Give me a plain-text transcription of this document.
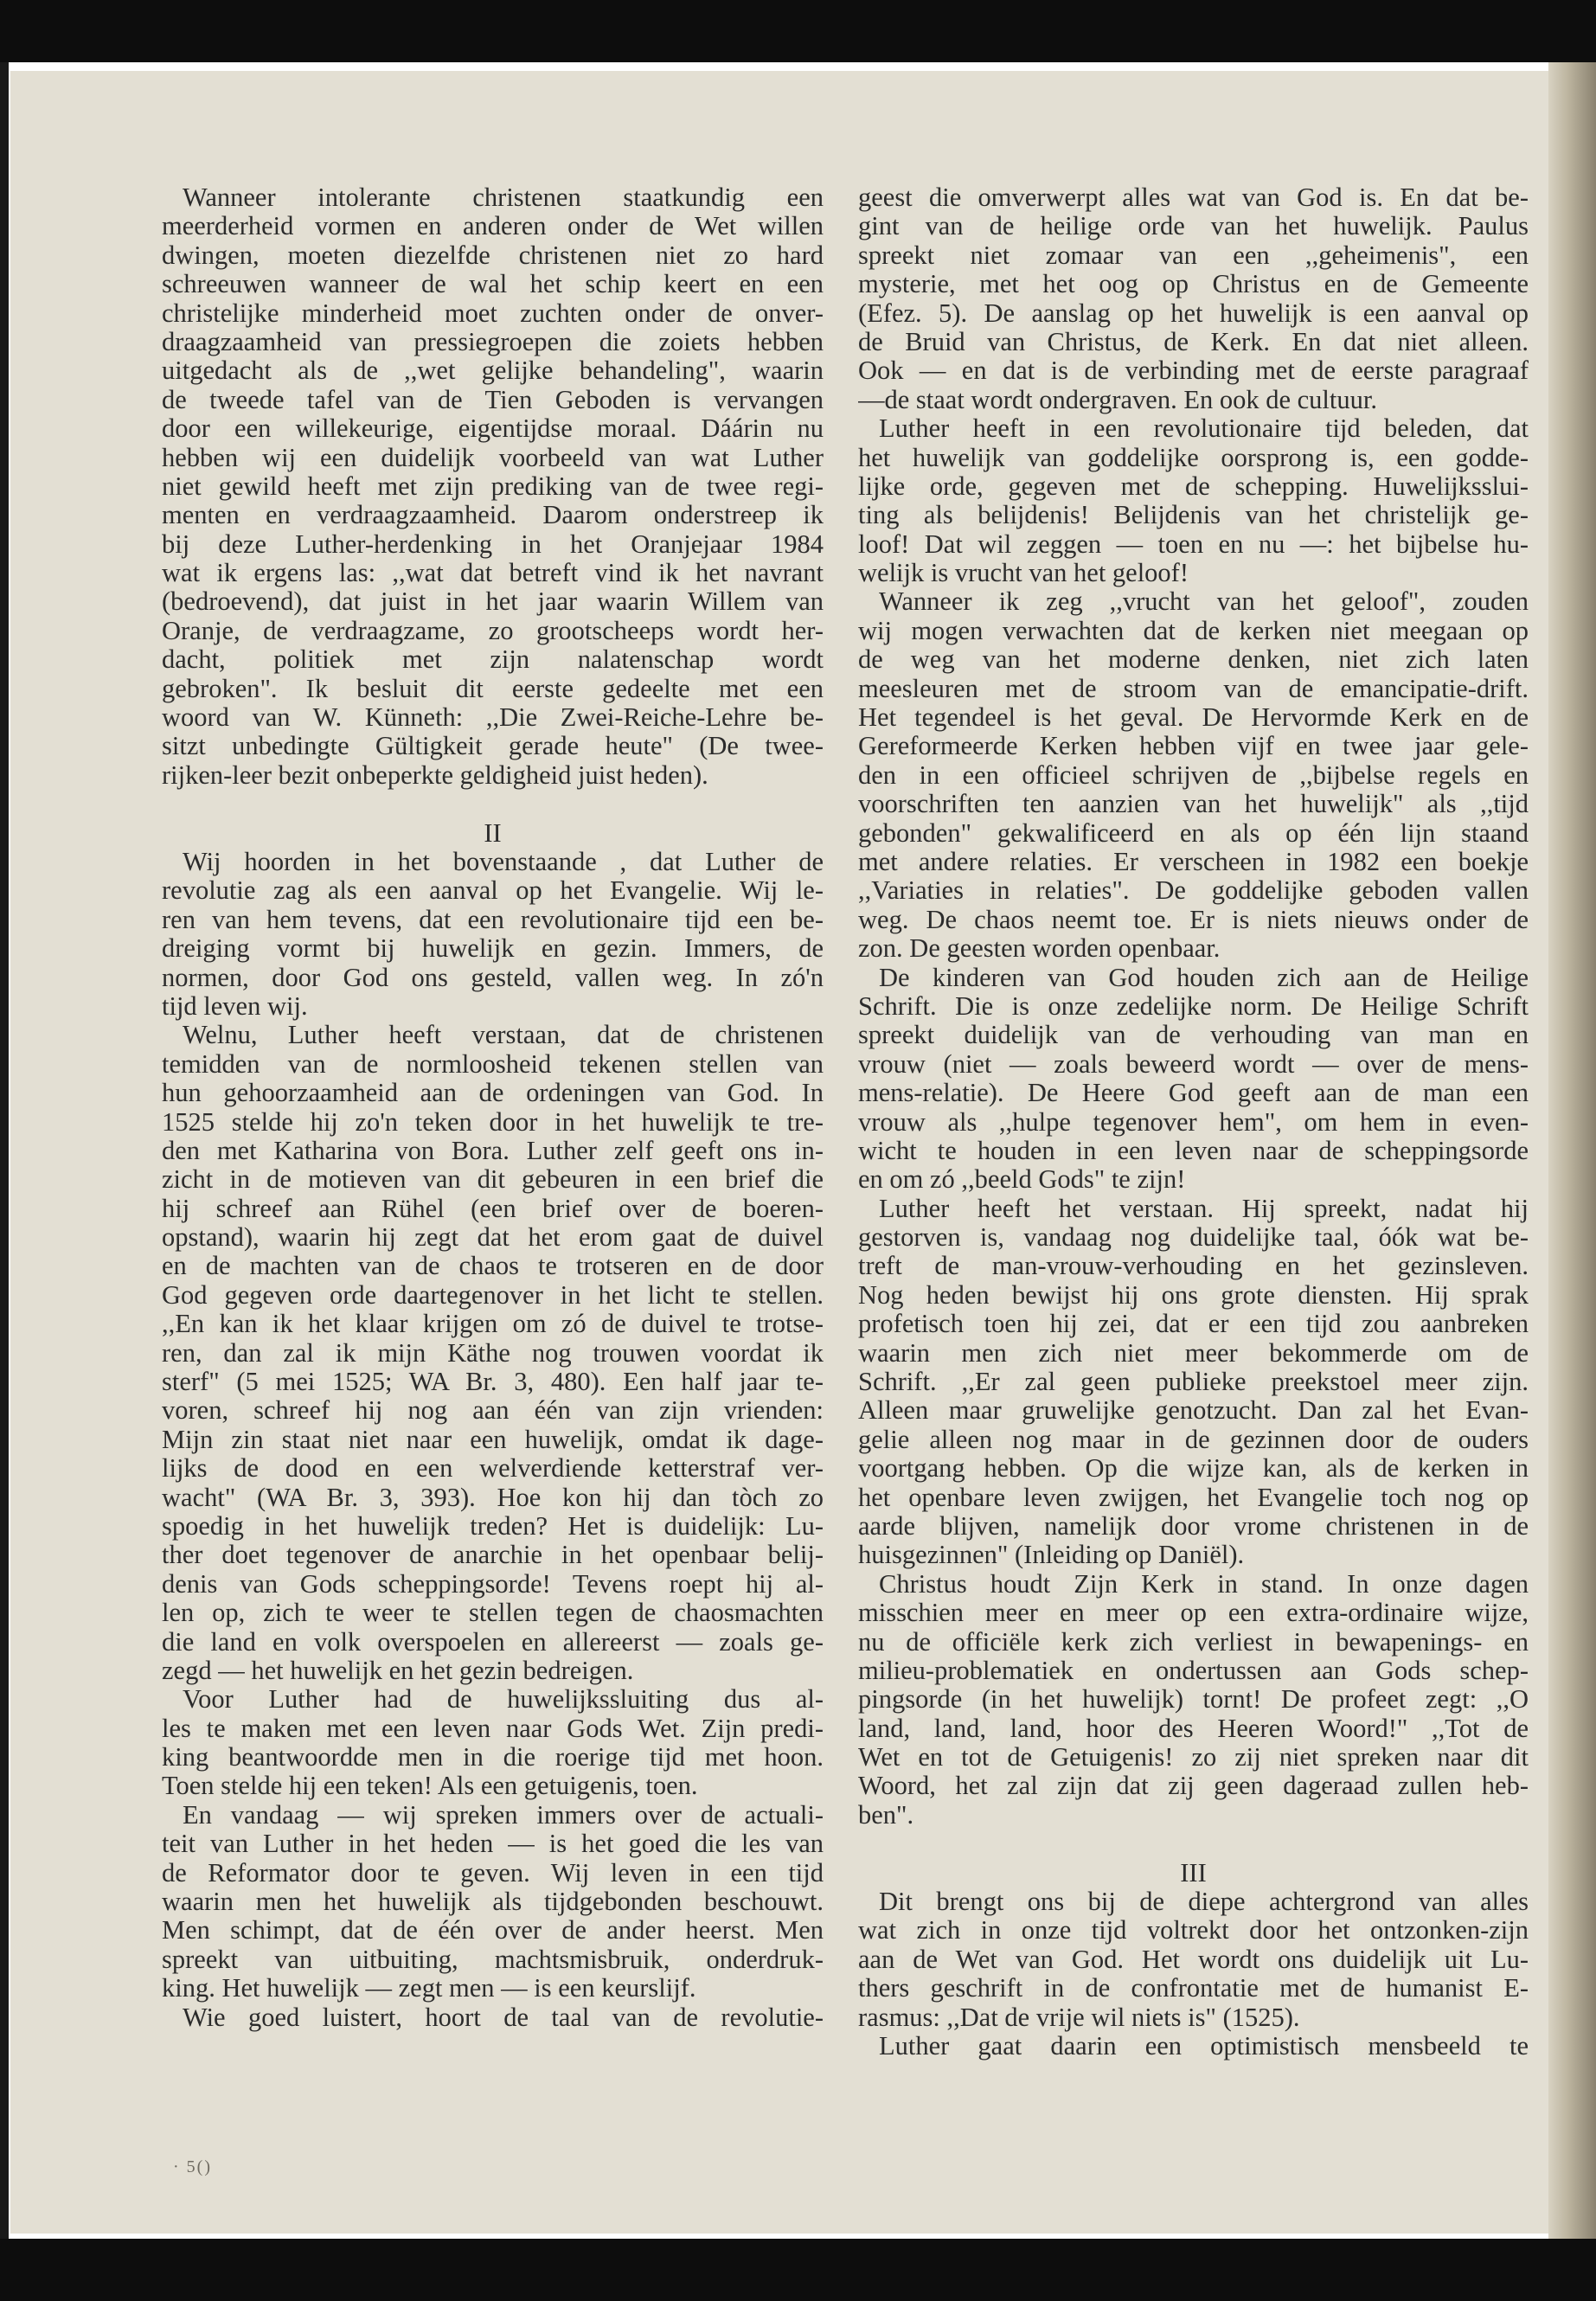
Wanneer intolerante christenen staatkundig een
meerderheid vormen en anderen onder de Wet willen
dwingen, moeten diezelfde christenen niet zo hard
schreeuwen wanneer de wal het schip keert en een
christelijke minderheid moet zuchten onder de onver-
draagzaamheid van pressiegroepen die zoiets hebben
uitgedacht als de ,,wet gelijke behandeling", waarin
de tweede tafel van de Tien Geboden is vervangen
door een willekeurige, eigentijdse moraal. Dáárin nu
hebben wij een duidelijk voorbeeld van wat Luther
niet gewild heeft met zijn prediking van de twee regi-
menten en verdraagzaamheid. Daarom onderstreep ik
bij deze Luther-herdenking in het Oranjejaar 1984
wat ik ergens las: ,,wat dat betreft vind ik het navrant
(bedroevend), dat juist in het jaar waarin Willem van
Oranje, de verdraagzame, zo grootscheeps wordt her-
dacht, politiek met zijn nalatenschap wordt
gebroken". Ik besluit dit eerste gedeelte met een
woord van W. Künneth: ,,Die Zwei-Reiche-Lehre be-
sitzt unbedingte Gültigkeit gerade heute" (De twee-
rijken-leer bezit onbeperkte geldigheid juist heden).
II
Wij hoorden in het bovenstaande , dat Luther de
revolutie zag als een aanval op het Evangelie. Wij le-
ren van hem tevens, dat een revolutionaire tijd een be-
dreiging vormt bij huwelijk en gezin. Immers, de
normen, door God ons gesteld, vallen weg. In zó'n
tijd leven wij.
Welnu, Luther heeft verstaan, dat de christenen
temidden van de normloosheid tekenen stellen van
hun gehoorzaamheid aan de ordeningen van God. In
1525 stelde hij zo'n teken door in het huwelijk te tre-
den met Katharina von Bora. Luther zelf geeft ons in-
zicht in de motieven van dit gebeuren in een brief die
hij schreef aan Rühel (een brief over de boeren-
opstand), waarin hij zegt dat het erom gaat de duivel
en de machten van de chaos te trotseren en de door
God gegeven orde daartegenover in het licht te stellen.
,,En kan ik het klaar krijgen om zó de duivel te trotse-
ren, dan zal ik mijn Käthe nog trouwen voordat ik
sterf" (5 mei 1525; WA Br. 3, 480). Een half jaar te-
voren, schreef hij nog aan één van zijn vrienden:
Mijn zin staat niet naar een huwelijk, omdat ik dage-
lijks de dood en een welverdiende ketterstraf ver-
wacht" (WA Br. 3, 393). Hoe kon hij dan tòch zo
spoedig in het huwelijk treden? Het is duidelijk: Lu-
ther doet tegenover de anarchie in het openbaar belij-
denis van Gods scheppingsorde! Tevens roept hij al-
len op, zich te weer te stellen tegen de chaosmachten
die land en volk overspoelen en allereerst — zoals ge-
zegd — het huwelijk en het gezin bedreigen.
Voor Luther had de huwelijkssluiting dus al-
les te maken met een leven naar Gods Wet. Zijn predi-
king beantwoordde men in die roerige tijd met hoon.
Toen stelde hij een teken! Als een getuigenis, toen.
En vandaag — wij spreken immers over de actuali-
teit van Luther in het heden — is het goed die les van
de Reformator door te geven. Wij leven in een tijd
waarin men het huwelijk als tijdgebonden beschouwt.
Men schimpt, dat de één over de ander heerst. Men
spreekt van uitbuiting, machtsmisbruik, onderdruk-
king. Het huwelijk — zegt men — is een keurslijf.
Wie goed luistert, hoort de taal van de revolutie-
geest die omverwerpt alles wat van God is. En dat be-
gint van de heilige orde van het huwelijk. Paulus
spreekt niet zomaar van een ,,geheimenis", een
mysterie, met het oog op Christus en de Gemeente
(Efez. 5). De aanslag op het huwelijk is een aanval op
de Bruid van Christus, de Kerk. En dat niet alleen.
Ook — en dat is de verbinding met de eerste paragraaf
—de staat wordt ondergraven. En ook de cultuur.
Luther heeft in een revolutionaire tijd beleden, dat
het huwelijk van goddelijke oorsprong is, een godde-
lijke orde, gegeven met de schepping. Huwelijksslui-
ting als belijdenis! Belijdenis van het christelijk ge-
loof! Dat wil zeggen — toen en nu —: het bijbelse hu-
welijk is vrucht van het geloof!
Wanneer ik zeg ,,vrucht van het geloof", zouden
wij mogen verwachten dat de kerken niet meegaan op
de weg van het moderne denken, niet zich laten
meesleuren met de stroom van de emancipatie-drift.
Het tegendeel is het geval. De Hervormde Kerk en de
Gereformeerde Kerken hebben vijf en twee jaar gele-
den in een officieel schrijven de ,,bijbelse regels en
voorschriften ten aanzien van het huwelijk" als ,,tijd
gebonden" gekwalificeerd en als op één lijn staand
met andere relaties. Er verscheen in 1982 een boekje
,,Variaties in relaties". De goddelijke geboden vallen
weg. De chaos neemt toe. Er is niets nieuws onder de
zon. De geesten worden openbaar.
De kinderen van God houden zich aan de Heilige
Schrift. Die is onze zedelijke norm. De Heilige Schrift
spreekt duidelijk van de verhouding van man en
vrouw (niet — zoals beweerd wordt — over de mens-
mens-relatie). De Heere God geeft aan de man een
vrouw als ,,hulpe tegenover hem", om hem in even-
wicht te houden in een leven naar de scheppingsorde
en om zó ,,beeld Gods" te zijn!
Luther heeft het verstaan. Hij spreekt, nadat hij
gestorven is, vandaag nog duidelijke taal, óók wat be-
treft de man-vrouw-verhouding en het gezinsleven.
Nog heden bewijst hij ons grote diensten. Hij sprak
profetisch toen hij zei, dat er een tijd zou aanbreken
waarin men zich niet meer bekommerde om de
Schrift. ,,Er zal geen publieke preekstoel meer zijn.
Alleen maar gruwelijke genotzucht. Dan zal het Evan-
gelie alleen nog maar in de gezinnen door de ouders
voortgang hebben. Op die wijze kan, als de kerken in
het openbare leven zwijgen, het Evangelie toch nog op
aarde blijven, namelijk door vrome christenen in de
huisgezinnen" (Inleiding op Daniël).
Christus houdt Zijn Kerk in stand. In onze dagen
misschien meer en meer op een extra-ordinaire wijze,
nu de officiële kerk zich verliest in bewapenings- en
milieu-problematiek en ondertussen aan Gods schep-
pingsorde (in het huwelijk) tornt! De profeet zegt: ,,O
land, land, land, hoor des Heeren Woord!" ,,Tot de
Wet en tot de Getuigenis! zo zij niet spreken naar dit
Woord, het zal zijn dat zij geen dageraad zullen heb-
ben".
III
Dit brengt ons bij de diepe achtergrond van alles
wat zich in onze tijd voltrekt door het ontzonken-zijn
aan de Wet van God. Het wordt ons duidelijk uit Lu-
thers geschrift in de confrontatie met de humanist E-
rasmus: ,,Dat de vrije wil niets is" (1525).
Luther gaat daarin een optimistisch mensbeeld te
· 5()
